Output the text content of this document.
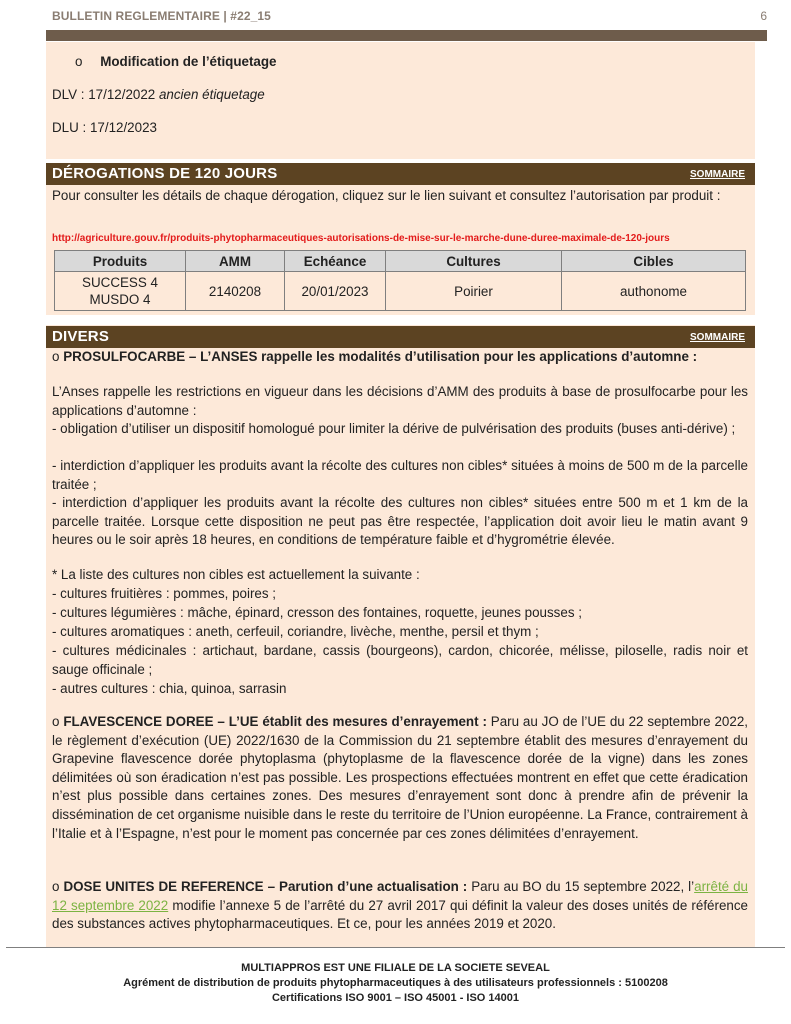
BULLETIN REGLEMENTAIRE | #22_15	6
o Modification de l’étiquetage
DLV : 17/12/2022 ancien étiquetage
DLU : 17/12/2023
DÉROGATIONS DE 120 JOURS	SOMMAIRE
Pour consulter les détails de chaque dérogation, cliquez sur le lien suivant et consultez l’autorisation par produit :
http://agriculture.gouv.fr/produits-phytopharmaceutiques-autorisations-de-mise-sur-le-marche-dune-duree-maximale-de-120-jours
Produits	AMM	Echéance	Cultures	Cibles

SUCCESS 4
MUSDO 4	2140208	20/01/2023	Poirier	authonome
DIVERS	SOMMAIRE
o PROSULFOCARBE – L’ANSES rappelle les modalités d’utilisation pour les applications d’automne :
L’Anses rappelle les restrictions en vigueur dans les décisions d’AMM des produits à base de prosulfocarbe pour les applications d’automne :
- obligation d’utiliser un dispositif homologué pour limiter la dérive de pulvérisation des produits (buses anti-dérive) ;
- interdiction d’appliquer les produits avant la récolte des cultures non cibles* situées à moins de 500 m de la parcelle traitée ;
- interdiction d’appliquer les produits avant la récolte des cultures non cibles* situées entre 500 m et 1 km de la parcelle traitée. Lorsque cette disposition ne peut pas être respectée, l’application doit avoir lieu le matin avant 9 heures ou le soir après 18 heures, en conditions de température faible et d’hygrométrie élevée.
* La liste des cultures non cibles est actuellement la suivante :
- cultures fruitières : pommes, poires ;
- cultures légumières : mâche, épinard, cresson des fontaines, roquette, jeunes pousses ;
- cultures aromatiques : aneth, cerfeuil, coriandre, livèche, menthe, persil et thym ;
- cultures médicinales : artichaut, bardane, cassis (bourgeons), cardon, chicorée, mélisse, piloselle, radis noir et sauge officinale ;
- autres cultures : chia, quinoa, sarrasin
o FLAVESCENCE DOREE – L’UE établit des mesures d’enrayement : Paru au JO de l’UE du 22 septembre 2022, le règlement d’exécution (UE) 2022/1630 de la Commission du 21 septembre établit des mesures d’enrayement du Grapevine flavescence dorée phytoplasma (phytoplasme de la flavescence dorée de la vigne) dans les zones délimitées où son éradication n’est pas possible. Les prospections effectuées montrent en effet que cette éradication n’est plus possible dans certaines zones. Des mesures d’enrayement sont donc à prendre afin de prévenir la dissémination de cet organisme nuisible dans le reste du territoire de l’Union européenne. La France, contrairement à l’Italie et à l’Espagne, n’est pour le moment pas concernée par ces zones délimitées d’enrayement.
o DOSE UNITES DE REFERENCE – Parution d’une actualisation : Paru au BO du 15 septembre 2022, l’arrêté du 12 septembre 2022 modifie l’annexe 5 de l’arrêté du 27 avril 2017 qui définit la valeur des doses unités de référence des substances actives phytopharmaceutiques. Et ce, pour les années 2019 et 2020.
MULTIAPPROS EST UNE FILIALE DE LA SOCIETE SEVEAL
Agrément de distribution de produits phytopharmaceutiques à des utilisateurs professionnels : 5100208
Certifications ISO 9001 – ISO 45001 - ISO 14001
